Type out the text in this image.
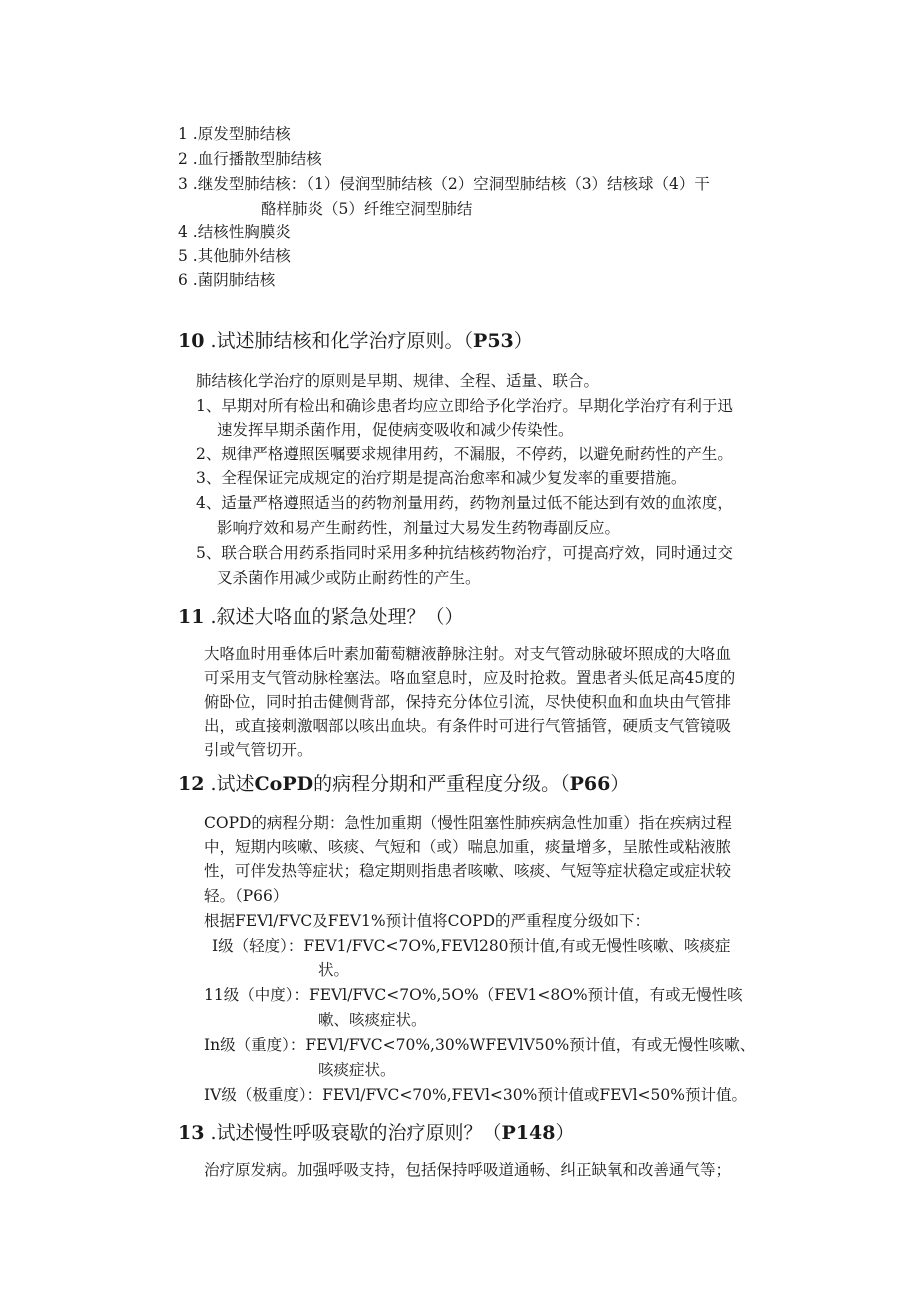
1 .原发型肺结核
2 .血行播散型肺结核
3 .继发型肺结核：（1）侵润型肺结核（2）空洞型肺结核（3）结核球（4）干
酪样肺炎（5）纤维空洞型肺结
4 .结核性胸膜炎
5 .其他肺外结核
6 .菌阴肺结核
10 .试述肺结核和化学治疗原则。（P53）
肺结核化学治疗的原则是早期、规律、全程、适量、联合。
1、早期对所有检出和确诊患者均应立即给予化学治疗。早期化学治疗有利于迅
速发挥早期杀菌作用，促使病变吸收和减少传染性。
2、规律严格遵照医嘱要求规律用药，不漏服，不停药，以避免耐药性的产生。
3、全程保证完成规定的治疗期是提高治愈率和减少复发率的重要措施。
4、适量严格遵照适当的药物剂量用药，药物剂量过低不能达到有效的血浓度，
影响疗效和易产生耐药性，剂量过大易发生药物毒副反应。
5、联合联合用药系指同时采用多种抗结核药物治疗，可提高疗效，同时通过交
叉杀菌作用减少或防止耐药性的产生。
11 .叙述大咯血的紧急处理？（）
大咯血时用垂体后叶素加葡萄糖液静脉注射。对支气管动脉破坏照成的大咯血
可采用支气管动脉栓塞法。咯血窒息时，应及时抢救。置患者头低足高45度的
俯卧位，同时拍击健侧背部，保持充分体位引流，尽快使积血和血块由气管排
出，或直接刺激咽部以咳出血块。有条件时可进行气管插管，硬质支气管镜吸
引或气管切开。
12 .试述CoPD的病程分期和严重程度分级。（P66）
COPD的病程分期：急性加重期（慢性阻塞性肺疾病急性加重）指在疾病过程
中，短期内咳嗽、咳痰、气短和（或）喘息加重，痰量增多，呈脓性或粘液脓
性，可伴发热等症状；稳定期则指患者咳嗽、咳痰、气短等症状稳定或症状较
轻。（P66）
根据FEVl/FVC及FEV1%预计值将COPD的严重程度分级如下：
I级（轻度）：FEV1/FVC<7O%,FEVl280预计值,有或无慢性咳嗽、咳痰症
状。
11级（中度）：FEVl/FVC<7O%,5O%（FEV1<8O%预计值，有或无慢性咳
嗽、咳痰症状。
In级（重度）：FEVl/FVC<70%,30%WFEVlV50%预计值，有或无慢性咳嗽、
咳痰症状。
IV级（极重度）：FEVl/FVC<70%,FEVl<30%预计值或FEVl<50%预计值。
13 .试述慢性呼吸衰歇的治疗原则？（P148）
治疗原发病。加强呼吸支持，包括保持呼吸道通畅、纠正缺氧和改善通气等；
